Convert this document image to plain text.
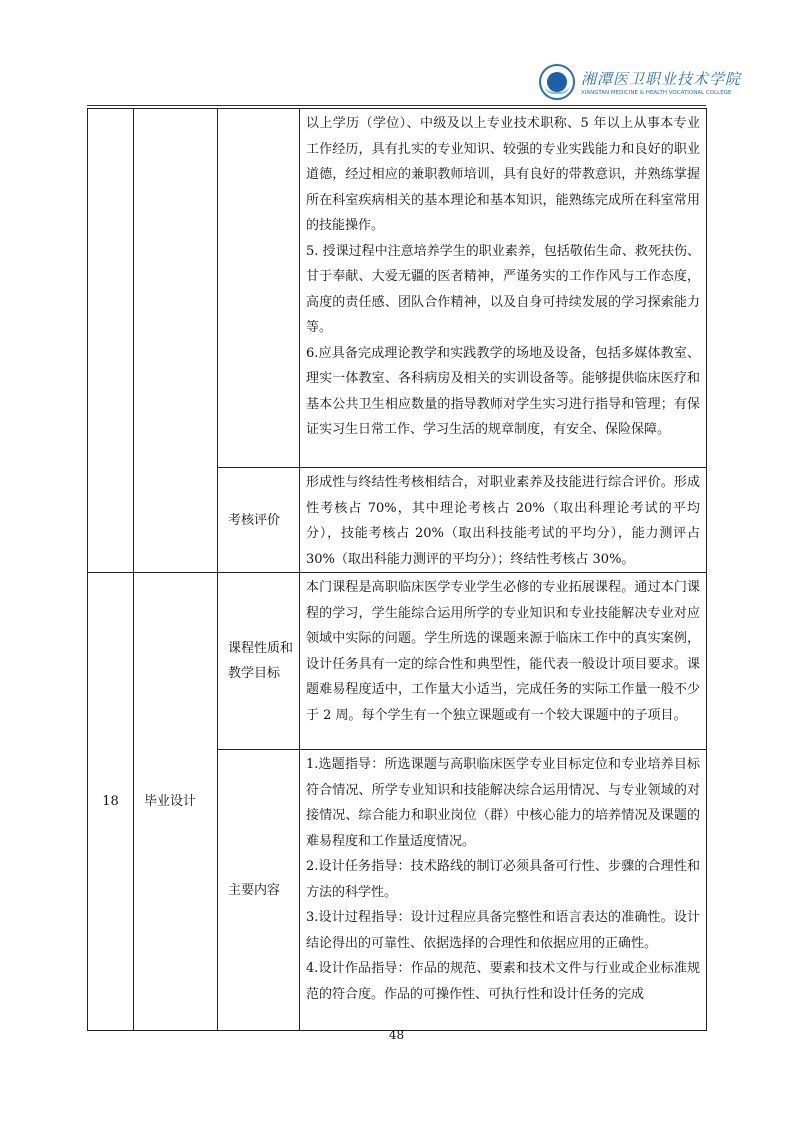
湘潭医卫职业技术学院
XIANGTAN MEDICINE & HEALTH VOCATIONAL COLLEGE

			以上学历（学位）、中级及以上专业技术职称、5 年以上从事本专业工作经历，具有扎实的专业知识、较强的专业实践能力和良好的职业道德，经过相应的兼职教师培训，具有良好的带教意识，并熟练掌握所在科室疾病相关的基本理论和基本知识，能熟练完成所在科室常用的技能操作。

5. 授课过程中注意培养学生的职业素养，包括敬佑生命、救死扶伤、甘于奉献、大爱无疆的医者精神，严谨务实的工作作风与工作态度，高度的责任感、团队合作精神，以及自身可持续发展的学习探索能力等。

6.应具备完成理论教学和实践教学的场地及设备，包括多媒体教室、理实一体教室、各科病房及相关的实训设备等。能够提供临床医疗和基本公共卫生相应数量的指导教师对学生实习进行指导和管理；有保证实习生日常工作、学习生活的规章制度，有安全、保险保障。

		考核评价	形成性与终结性考核相结合，对职业素养及技能进行综合评价。形成性考核占 70%，其中理论考核占 20%（取出科理论考试的平均分），技能考核占 20%（取出科技能考试的平均分），能力测评占 30%（取出科能力测评的平均分）；终结性考核占 30%。

18	毕业设计	课程性质和教学目标	本门课程是高职临床医学专业学生必修的专业拓展课程。通过本门课程的学习，学生能综合运用所学的专业知识和专业技能解决专业对应领域中实际的问题。学生所选的课题来源于临床工作中的真实案例，设计任务具有一定的综合性和典型性，能代表一般设计项目要求。课题难易程度适中，工作量大小适当，完成任务的实际工作量一般不少于 2 周。每个学生有一个独立课题或有一个较大课题中的子项目。

		主要内容	1.选题指导：所选课题与高职临床医学专业目标定位和专业培养目标符合情况、所学专业知识和技能解决综合运用情况、与专业领域的对接情况、综合能力和职业岗位（群）中核心能力的培养情况及课题的难易程度和工作量适度情况。

2.设计任务指导：技术路线的制订必须具备可行性、步骤的合理性和方法的科学性。

3.设计过程指导：设计过程应具备完整性和语言表达的准确性。设计结论得出的可靠性、依据选择的合理性和依据应用的正确性。

4.设计作品指导：作品的规范、要素和技术文件与行业或企业标准规范的符合度。作品的可操作性、可执行性和设计任务的完成

48
